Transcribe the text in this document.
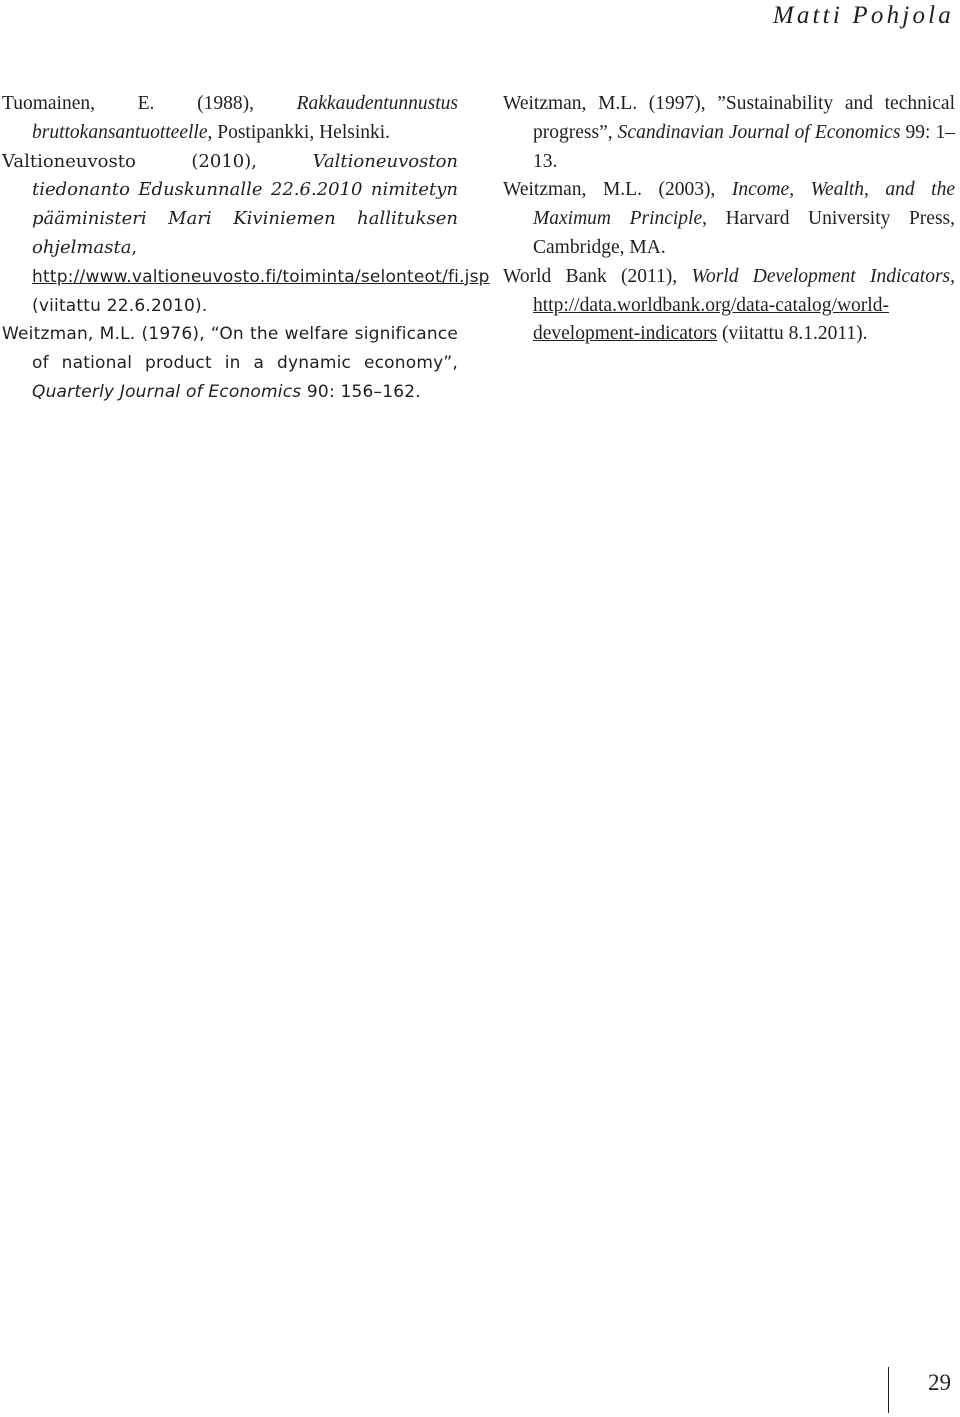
Matti Pohjola

Tuomainen, E. (1988), Rakkaudentunnustus bruttokansantuotteelle, Postipankki, Helsinki.

Valtioneuvosto (2010), Valtioneuvoston tiedonanto Eduskunnalle 22.6.2010 nimitetyn pääministeri Mari Kiviniemen hallituksen ohjelmasta, http://www.valtioneuvosto.fi/toiminta/selonteot/fi.jsp (viitattu 22.6.2010).

Weitzman, M.L. (1976), “On the welfare significance of national product in a dynamic economy”, Quarterly Journal of Economics 90: 156–162.

Weitzman, M.L. (1997), ”Sustainability and technical progress”, Scandinavian Journal of Economics 99: 1–13.

Weitzman, M.L. (2003), Income, Wealth, and the Maximum Principle, Harvard University Press, Cambridge, MA.

World Bank (2011), World Development Indicators, http://data.worldbank.org/data-catalog/world-development-indicators (viitattu 8.1.2011).

29
